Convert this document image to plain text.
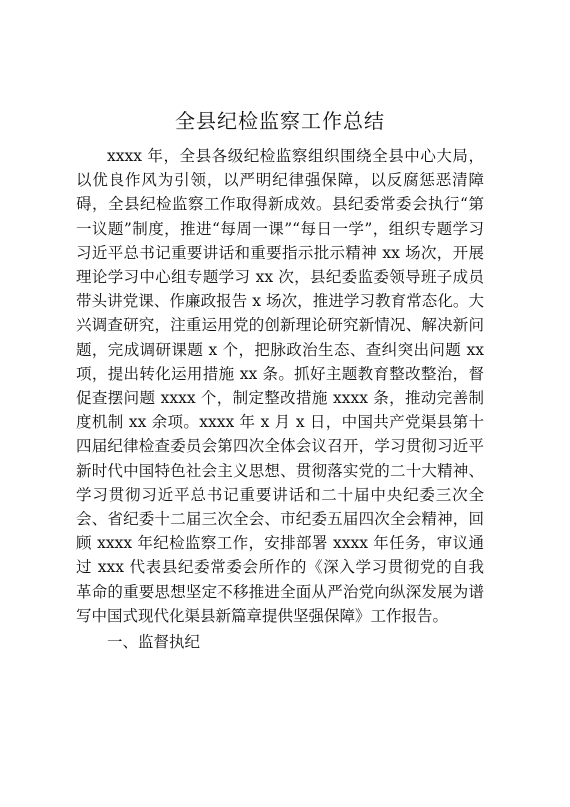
全县纪检监察工作总结

xxxx 年，全县各级纪检监察组织围绕全县中心大局，以优良作风为引领，以严明纪律强保障，以反腐惩恶清障碍，全县纪检监察工作取得新成效。县纪委常委会执行“第一议题”制度，推进“每周一课”“每日一学”，组织专题学习习近平总书记重要讲话和重要指示批示精神 xx 场次，开展理论学习中心组专题学习 xx 次，县纪委监委领导班子成员带头讲党课、作廉政报告 x 场次，推进学习教育常态化。大兴调查研究，注重运用党的创新理论研究新情况、解决新问题，完成调研课题 x 个，把脉政治生态、查纠突出问题 xx 项，提出转化运用措施 xx 条。抓好主题教育整改整治，督促查摆问题 xxxx 个，制定整改措施 xxxx 条，推动完善制度机制 xx 余项。xxxx 年 x 月 x 日，中国共产党渠县第十四届纪律检查委员会第四次全体会议召开，学习贯彻习近平新时代中国特色社会主义思想、贯彻落实党的二十大精神、学习贯彻习近平总书记重要讲话和二十届中央纪委三次全会、省纪委十二届三次全会、市纪委五届四次全会精神，回顾 xxxx 年纪检监察工作，安排部署 xxxx 年任务，审议通过 xxx 代表县纪委常委会所作的《深入学习贯彻党的自我革命的重要思想坚定不移推进全面从严治党向纵深发展为谱写中国式现代化渠县新篇章提供坚强保障》工作报告。

一、监督执纪
